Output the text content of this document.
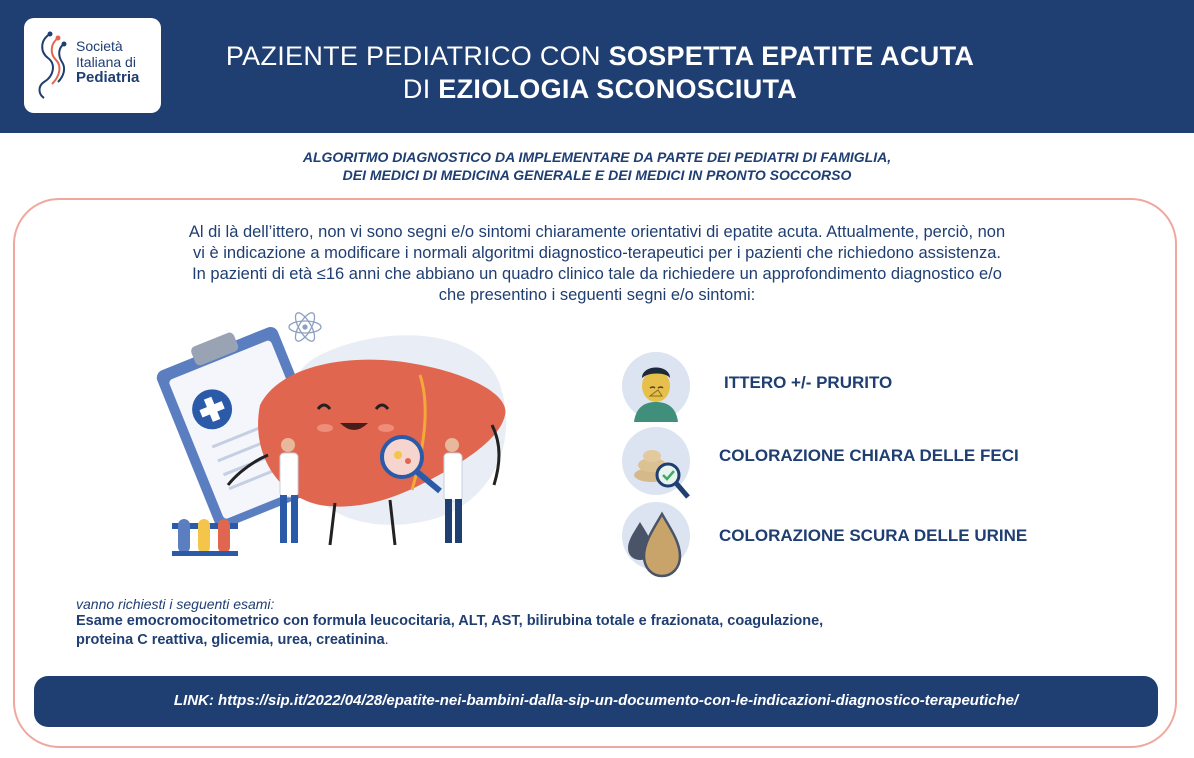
Società
Italiana di
Pediatria
PAZIENTE PEDIATRICO CON SOSPETTA EPATITE ACUTA
DI EZIOLOGIA SCONOSCIUTA
ALGORITMO DIAGNOSTICO DA IMPLEMENTARE DA PARTE DEI PEDIATRI DI FAMIGLIA,
DEI MEDICI DI MEDICINA GENERALE E DEI MEDICI IN PRONTO SOCCORSO
Al di là dell’ittero, non vi sono segni e/o sintomi chiaramente orientativi di epatite acuta. Attualmente, perciò, non
vi è indicazione a modificare i normali algoritmi diagnostico-terapeutici per i pazienti che richiedono assistenza.
In pazienti di età ≤16 anni che abbiano un quadro clinico tale da richiedere un approfondimento diagnostico e/o
che presentino i seguenti segni e/o sintomi:
ITTERO +/- PRURITO
COLORAZIONE CHIARA DELLE FECI
COLORAZIONE SCURA DELLE URINE
vanno richiesti i seguenti esami:
Esame emocromocitometrico con formula leucocitaria, ALT, AST, bilirubina totale e frazionata, coagulazione,
proteina C reattiva, glicemia, urea, creatinina.
LINK: https://sip.it/2022/04/28/epatite-nei-bambini-dalla-sip-un-documento-con-le-indicazioni-diagnostico-terapeutiche/
